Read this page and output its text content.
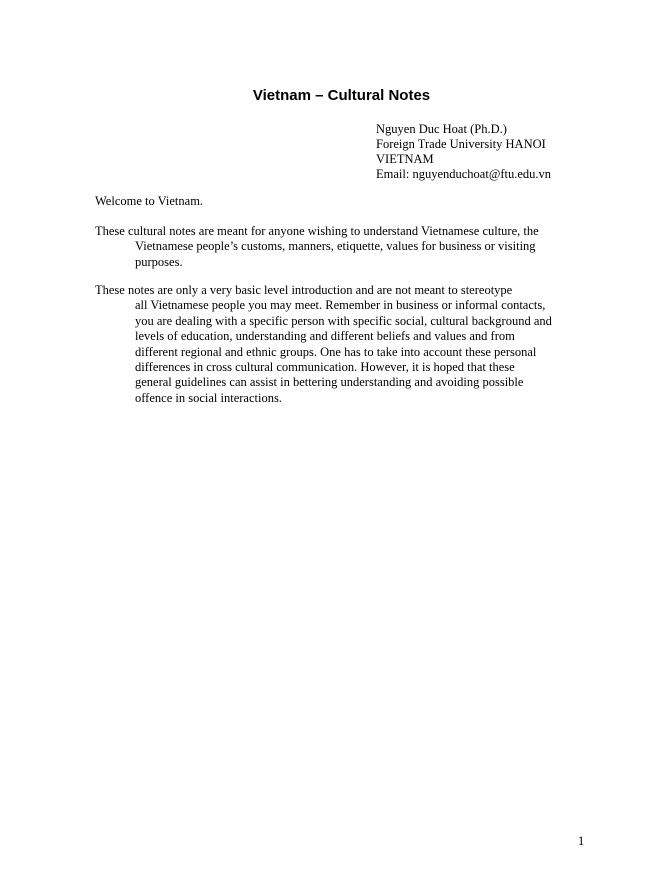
Vietnam – Cultural Notes
Nguyen Duc Hoat (Ph.D.)
Foreign Trade University HANOI
VIETNAM
Email: nguyenduchoat@ftu.edu.vn
Welcome to Vietnam.
These cultural notes are meant for anyone wishing to understand Vietnamese culture, the
Vietnamese people’s customs, manners, etiquette, values for business or visiting
purposes.
These notes are only a very basic level introduction and are not meant to stereotype
all Vietnamese people you may meet. Remember in business or informal contacts,
you are dealing with a specific person with specific social, cultural background and
levels of education, understanding and different beliefs and values and from
different regional and ethnic groups. One has to take into account these personal
differences in cross cultural communication. However, it is hoped that these
general guidelines can assist in bettering understanding and avoiding possible
offence in social interactions.
1
